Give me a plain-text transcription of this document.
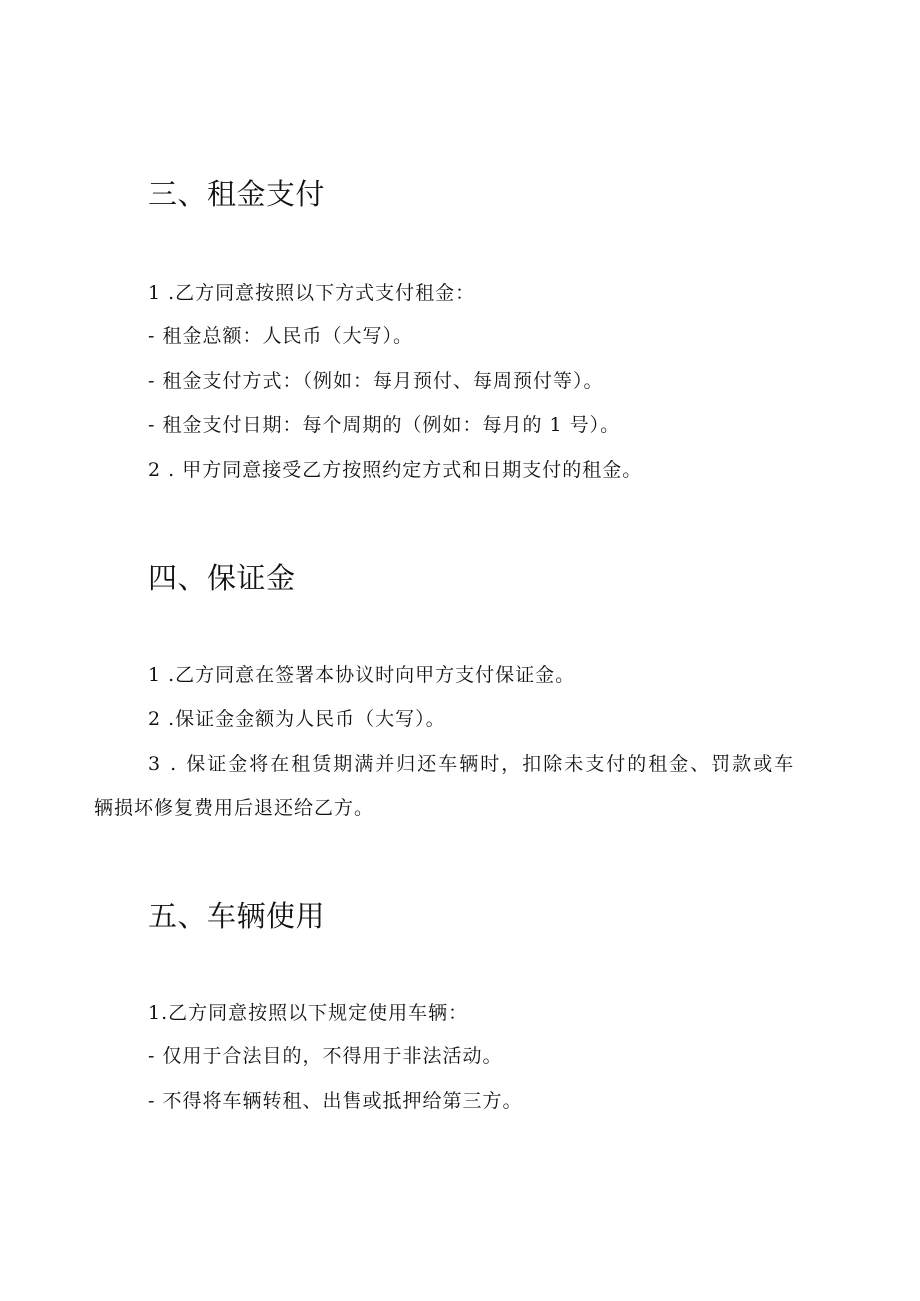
三、租金支付
1 .乙方同意按照以下方式支付租金：
- 租金总额：人民币（大写）。
- 租金支付方式：（例如：每月预付、每周预付等）。
- 租金支付日期：每个周期的（例如：每月的 1 号）。
2 . 甲方同意接受乙方按照约定方式和日期支付的租金。
四、保证金
1 .乙方同意在签署本协议时向甲方支付保证金。
2 .保证金金额为人民币（大写）。
3 . 保证金将在租赁期满并归还车辆时，扣除未支付的租金、罚款或车
辆损坏修复费用后退还给乙方。
五、车辆使用
1.乙方同意按照以下规定使用车辆：
- 仅用于合法目的，不得用于非法活动。
- 不得将车辆转租、出售或抵押给第三方。
